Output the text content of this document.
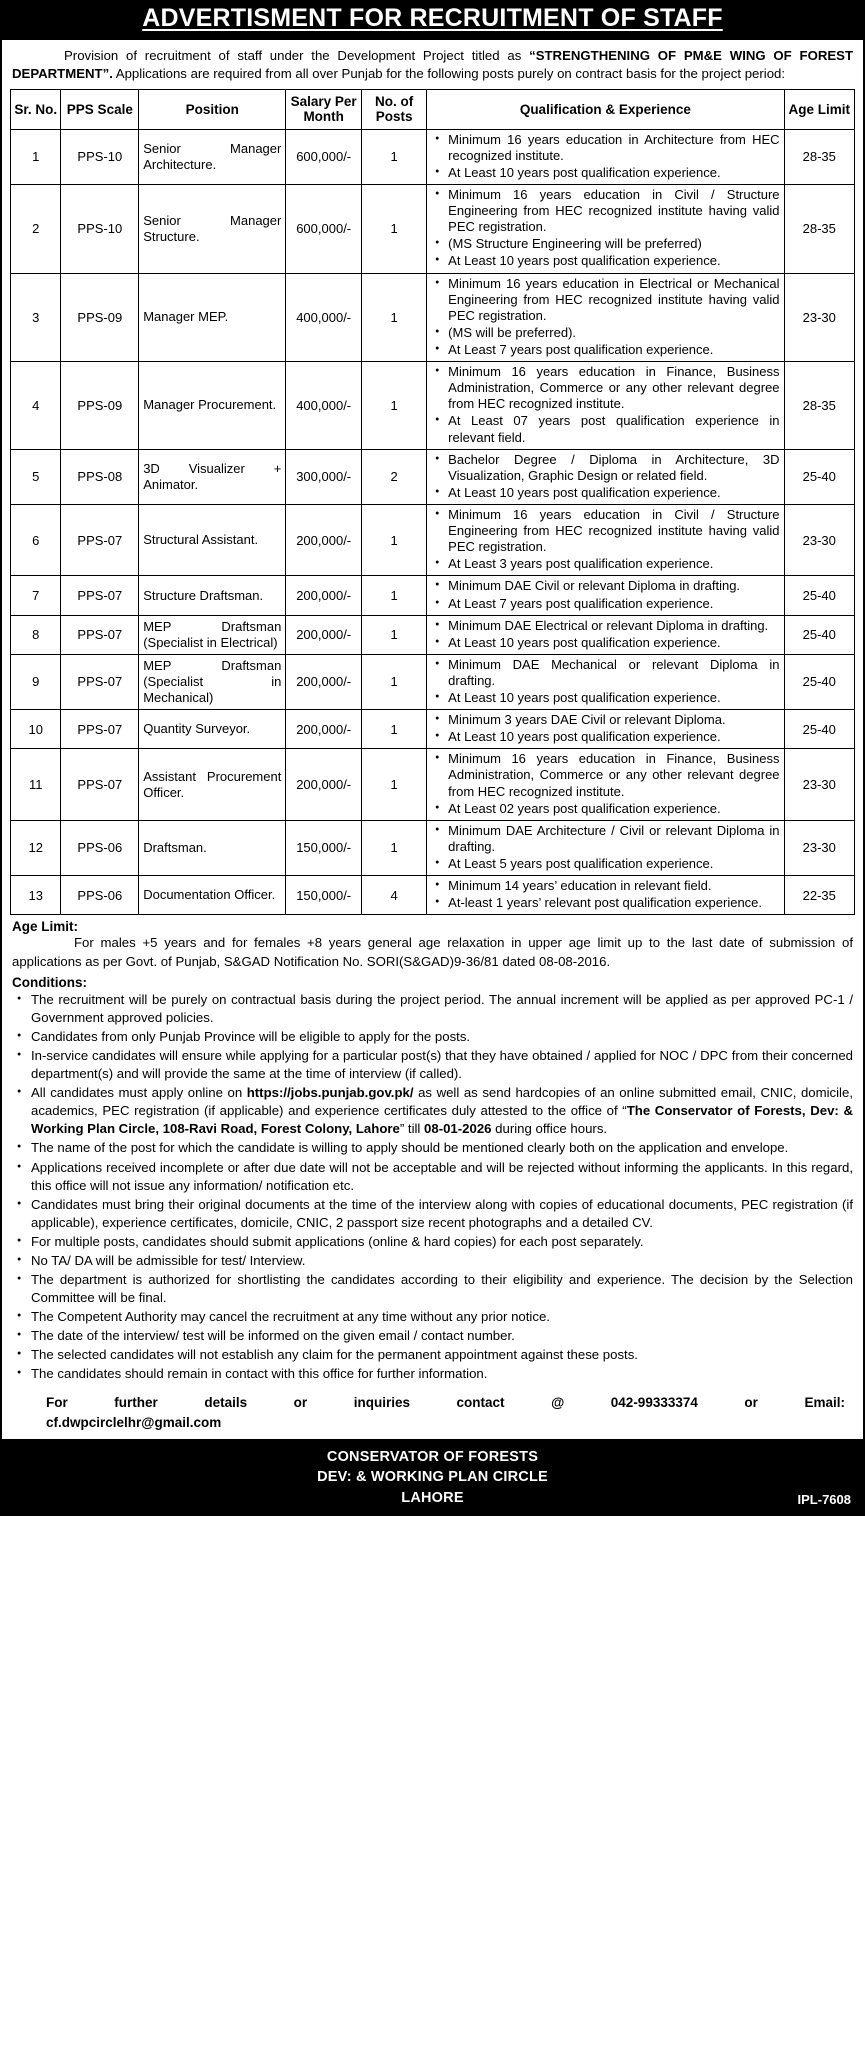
ADVERTISMENT FOR RECRUITMENT OF STAFF

Provision of recruitment of staff under the Development Project titled as “STRENGTHENING OF PM&E WING OF FOREST DEPARTMENT”. Applications are required from all over Punjab for the following posts purely on contract basis for the project period:

Sr. No.	PPS Scale	Position	Salary Per Month	No. of Posts	Qualification & Experience	Age Limit
1	PPS-10	Senior Manager Architecture.	600,000/-	1	
● Minimum 16 years education in Architecture from HEC recognized institute.
● At Least 10 years post qualification experience.
	28-35
2	PPS-10	Senior Manager Structure.	600,000/-	1	
● Minimum 16 years education in Civil / Structure Engineering from HEC recognized institute having valid PEC registration.
● (MS Structure Engineering will be preferred)
● At Least 10 years post qualification experience.
	28-35
3	PPS-09	Manager MEP.	400,000/-	1	
● Minimum 16 years education in Electrical or Mechanical Engineering from HEC recognized institute having valid PEC registration.
● (MS will be preferred).
● At Least 7 years post qualification experience.
	23-30
4	PPS-09	Manager Procurement.	400,000/-	1	
● Minimum 16 years education in Finance, Business Administration, Commerce or any other relevant degree from HEC recognized institute.
● At Least 07 years post qualification experience in relevant field.
	28-35
5	PPS-08	3D Visualizer + Animator.	300,000/-	2	
● Bachelor Degree / Diploma in Architecture, 3D Visualization, Graphic Design or related field.
● At Least 10 years post qualification experience.
	25-40
6	PPS-07	Structural Assistant.	200,000/-	1	
● Minimum 16 years education in Civil / Structure Engineering from HEC recognized institute having valid PEC registration.
● At Least 3 years post qualification experience.
	23-30
7	PPS-07	Structure Draftsman.	200,000/-	1	
● Minimum DAE Civil or relevant Diploma in drafting.
● At Least 7 years post qualification experience.	25-40
8	PPS-07	MEP Draftsman (Specialist in Electrical)	200,000/-	1	
● Minimum DAE Electrical or relevant Diploma in drafting.
● At Least 10 years post qualification experience.	25-40
9	PPS-07	MEP Draftsman (Specialist in Mechanical)	200,000/-	1	
● Minimum DAE Mechanical or relevant Diploma in drafting.
● At Least 10 years post qualification experience.
	25-40
10	PPS-07	Quantity Surveyor.	200,000/-	1	
● Minimum 3 years DAE Civil or relevant Diploma.
● At Least 10 years post qualification experience.	25-40
11	PPS-07	Assistant Procurement Officer.	200,000/-	1	
● Minimum 16 years education in Finance, Business Administration, Commerce or any other relevant degree from HEC recognized institute.
● At Least 02 years post qualification experience.
	23-30
12	PPS-06	Draftsman.	150,000/-	1	
● Minimum DAE Architecture / Civil or relevant Diploma in drafting.
● At Least 5 years post qualification experience.
	23-30
13	PPS-06	Documentation Officer.	150,000/-	4	
● Minimum 14 years’ education in relevant field.
● At-least 1 years’ relevant post qualification experience.	22-35
Age Limit:

For males +5 years and for females +8 years general age relaxation in upper age limit up to the last date of submission of applications as per Govt. of Punjab, S&GAD Notification No. SORI(S&GAD)9-36/81 dated 08-08-2016.

Conditions:
● The recruitment will be purely on contractual basis during the project period. The annual increment will be applied as per approved PC-1 / Government approved policies.
● Candidates from only Punjab Province will be eligible to apply for the posts.
● In-service candidates will ensure while applying for a particular post(s) that they have obtained / applied for NOC / DPC from their concerned department(s) and will provide the same at the time of interview (if called).
● All candidates must apply online on https://jobs.punjab.gov.pk/ as well as send hardcopies of an online submitted email, CNIC, domicile, academics, PEC registration (if applicable) and experience certificates duly attested to the office of “The Conservator of Forests, Dev: & Working Plan Circle, 108-Ravi Road, Forest Colony, Lahore” till 08-01-2026 during office hours.
● The name of the post for which the candidate is willing to apply should be mentioned clearly both on the application and envelope.
● Applications received incomplete or after due date will not be acceptable and will be rejected without informing the applicants. In this regard, this office will not issue any information/ notification etc.
● Candidates must bring their original documents at the time of the interview along with copies of educational documents, PEC registration (if applicable), experience certificates, domicile, CNIC, 2 passport size recent photographs and a detailed CV.
● For multiple posts, candidates should submit applications (online & hard copies) for each post separately.
● No TA/ DA will be admissible for test/ Interview.
● The department is authorized for shortlisting the candidates according to their eligibility and experience. The decision by the Selection Committee will be final.
● The Competent Authority may cancel the recruitment at any time without any prior notice.
● The date of the interview/ test will be informed on the given email / contact number.
● The selected candidates will not establish any claim for the permanent appointment against these posts.
● The candidates should remain in contact with this office for further information.

For further details or inquiries contact @ 042-99333374 or Email:
cf.dwpcirclelhr@gmail.com

CONSERVATOR OF FORESTS
DEV: & WORKING PLAN CIRCLE
LAHORE	IPL-7608
